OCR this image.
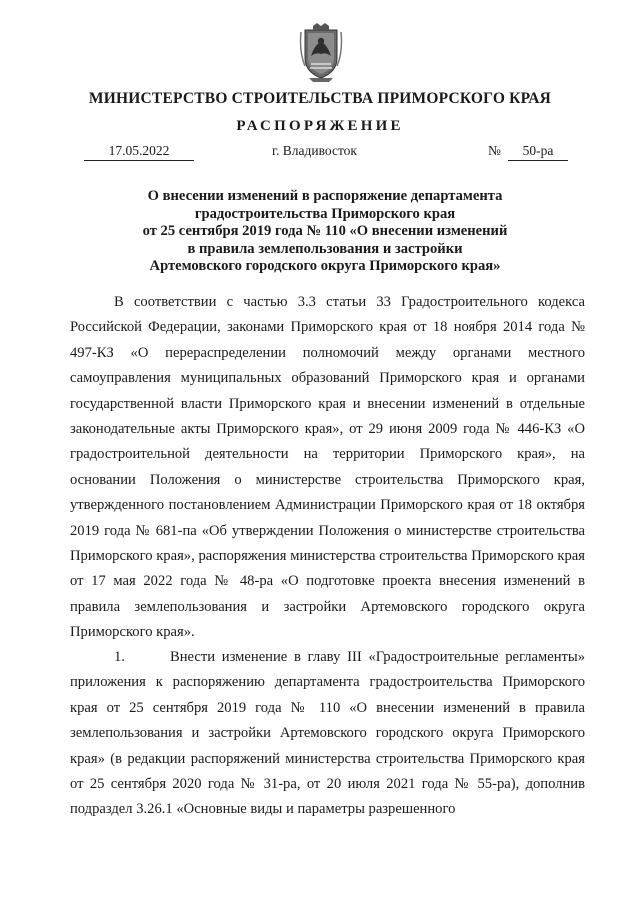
МИНИСТЕРСТВО СТРОИТЕЛЬСТВА ПРИМОРСКОГО КРАЯ
РАСПОРЯЖЕНИЕ
17.05.2022	г. Владивосток	№	50-ра
О внесении изменений в распоряжение департамента
градостроительства Приморского края
от 25 сентября 2019 года № 110 «О внесении изменений
в правила землепользования и застройки
Артемовского городского округа Приморского края»
В соответствии с частью 3.3 статьи 33 Градостроительного кодекса Российской Федерации, законами Приморского края от 18 ноября 2014 года № 497-КЗ «О перераспределении полномочий между органами местного самоуправления муниципальных образований Приморского края и органами государственной власти Приморского края и внесении изменений в отдельные законодательные акты Приморского края», от 29 июня 2009 года № 446-КЗ «О градостроительной деятельности на территории Приморского края», на основании Положения о министерстве строительства Приморского края, утвержденного постановлением Администрации Приморского края от 18 октября 2019 года № 681-па «Об утверждении Положения о министерстве строительства Приморского края», распоряжения министерства строительства Приморского края от 17 мая 2022 года № 48-ра «О подготовке проекта внесения изменений в правила землепользования и застройки Артемовского городского округа Приморского края».
1.	Внести изменение в главу III «Градостроительные регламенты» приложения к распоряжению департамента градостроительства Приморского края от 25 сентября 2019 года № 110 «О внесении изменений в правила землепользования и застройки Артемовского городского округа Приморского края» (в редакции распоряжений министерства строительства Приморского края от 25 сентября 2020 года № 31-ра, от 20 июля 2021 года № 55-ра), дополнив подраздел 3.26.1 «Основные виды и параметры разрешенного
